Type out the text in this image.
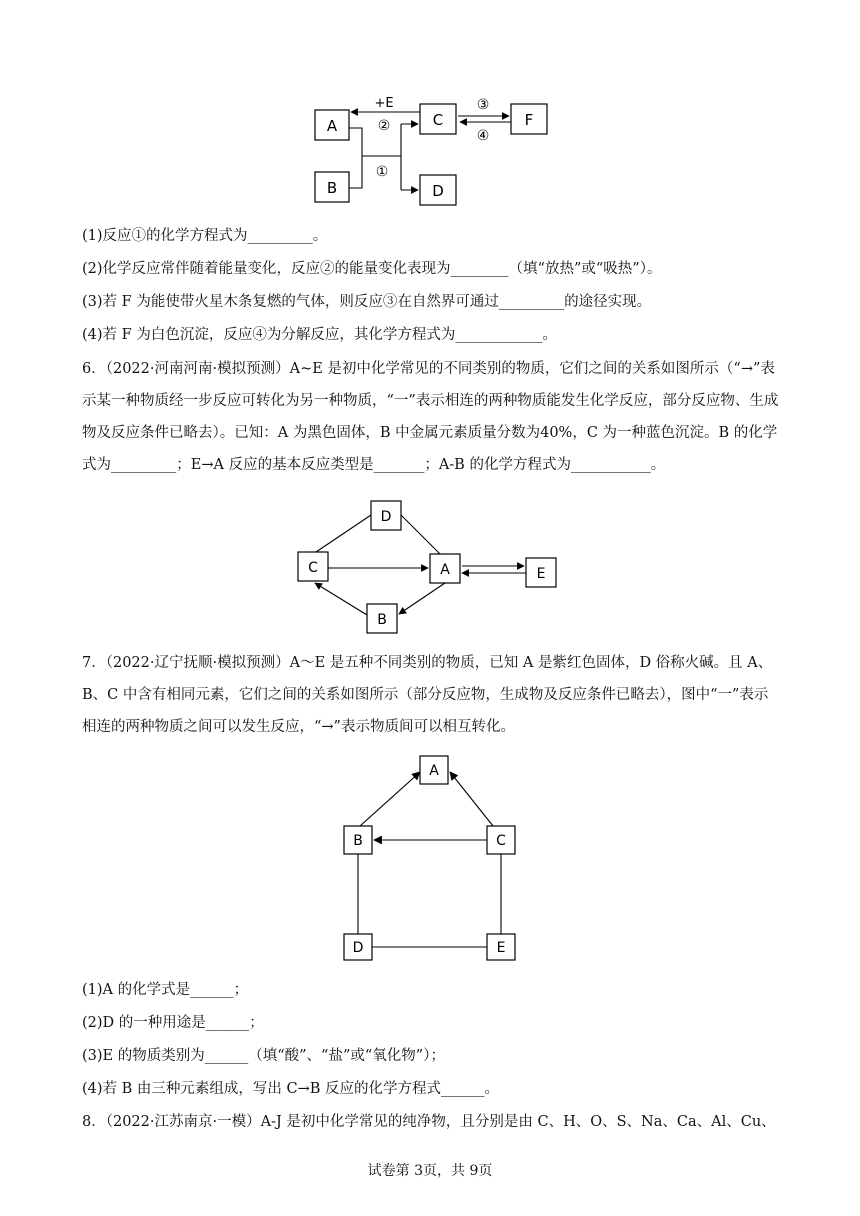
A
B
C
D
F
+E
②
①
③
④
(1)反应①的化学方程式为_________。
(2)化学反应常伴随着能量变化，反应②的能量变化表现为________（填“放热”或“吸热”）。
(3)若 F 为能使带火星木条复燃的气体，则反应③在自然界可通过_________的途径实现。
(4)若 F 为白色沉淀，反应④为分解反应，其化学方程式为____________。
6．（2022·河南河南·模拟预测）A~E 是初中化学常见的不同类别的物质，它们之间的关系如图所示（“→”表示某一种物质经一步反应可转化为另一种物质，“一”表示相连的两种物质能发生化学反应，部分反应物、生成物及反应条件已略去）。已知：A 为黑色固体，B 中金属元素质量分数为40%，C 为一种蓝色沉淀。B 的化学式为_________；E→A 反应的基本反应类型是_______；A-B 的化学方程式为___________。
D
C	A	E
B
7．（2022·辽宁抚顺·模拟预测）A～E 是五种不同类别的物质，已知 A 是紫红色固体，D 俗称火碱。且 A、B、C 中含有相同元素，它们之间的关系如图所示（部分反应物，生成物及反应条件已略去），图中“一”表示相连的两种物质之间可以发生反应，“→”表示物质间可以相互转化。
A
B	C
D	E
(1)A 的化学式是______；
(2)D 的一种用途是______；
(3)E 的物质类别为______（填“酸”、“盐”或“氧化物”）；
(4)若 B 由三种元素组成，写出 C→B 反应的化学方程式______。
8．（2022·江苏南京·一模）A-J 是初中化学常见的纯净物，且分别是由 C、H、O、S、Na、Ca、Al、Cu、
试卷第 3页，共 9页
